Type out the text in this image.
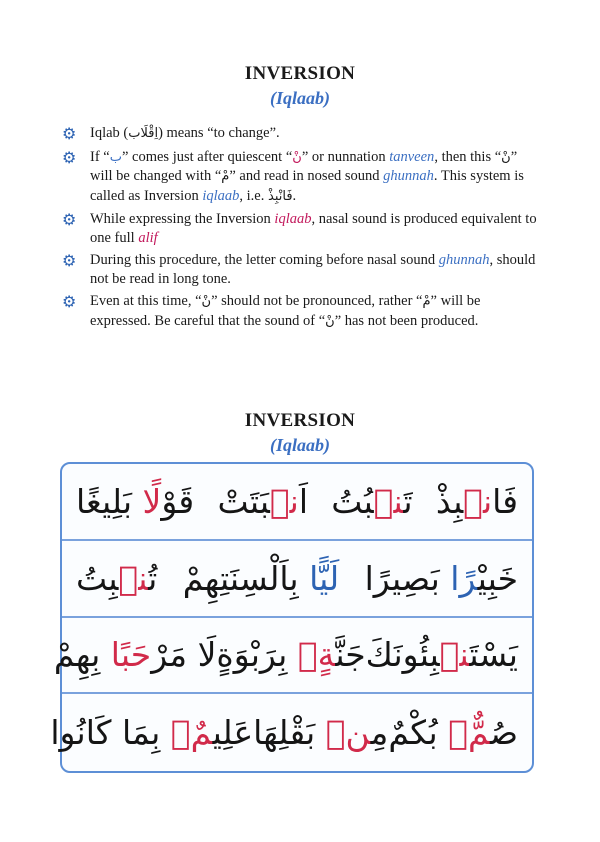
INVERSION
(Iqlaab)
⚙ Iqlab (اِقْلَاب) means “to change”.
⚙ If “ب” comes just after quiescent “نْ” or nunnation tanveen, then this “نْ” will be changed with “مْ” and read in nosed sound ghunnah. This system is called as Inversion iqlaab, i.e. فَانْبِذْ.
⚙ While expressing the Inversion iqlaab, nasal sound is produced equivalent to one full alif
⚙ During this procedure, the letter coming before nasal sound ghunnah, should not be read in long tone.
⚙ Even at this time, “نْ” should not be pronounced, rather “مْ” will be expressed. Be careful that the sound of “نْ” has not been produced.
INVERSION
(Iqlaab)
فَانۢبِذْ
تَنۢبُتُ
اَنۢبَتَتْ
قَوْلًا بَلِيغًا
خَبِيْرًا بَصِيرًا
لَيًّا بِاَلْسِنَتِهِمْ
تُنۢبِتُ
يَسْتَنۢبِئُونَكَ
جَنَّةٍۢ بِرَبْوَةٍ
لَا مَرْحَبًا بِهِمْ
صُمٌّۢ بُكْمٌ
مِنۢ بَقْلِهَا
عَلِيمٌۢ بِمَا كَانُوا
